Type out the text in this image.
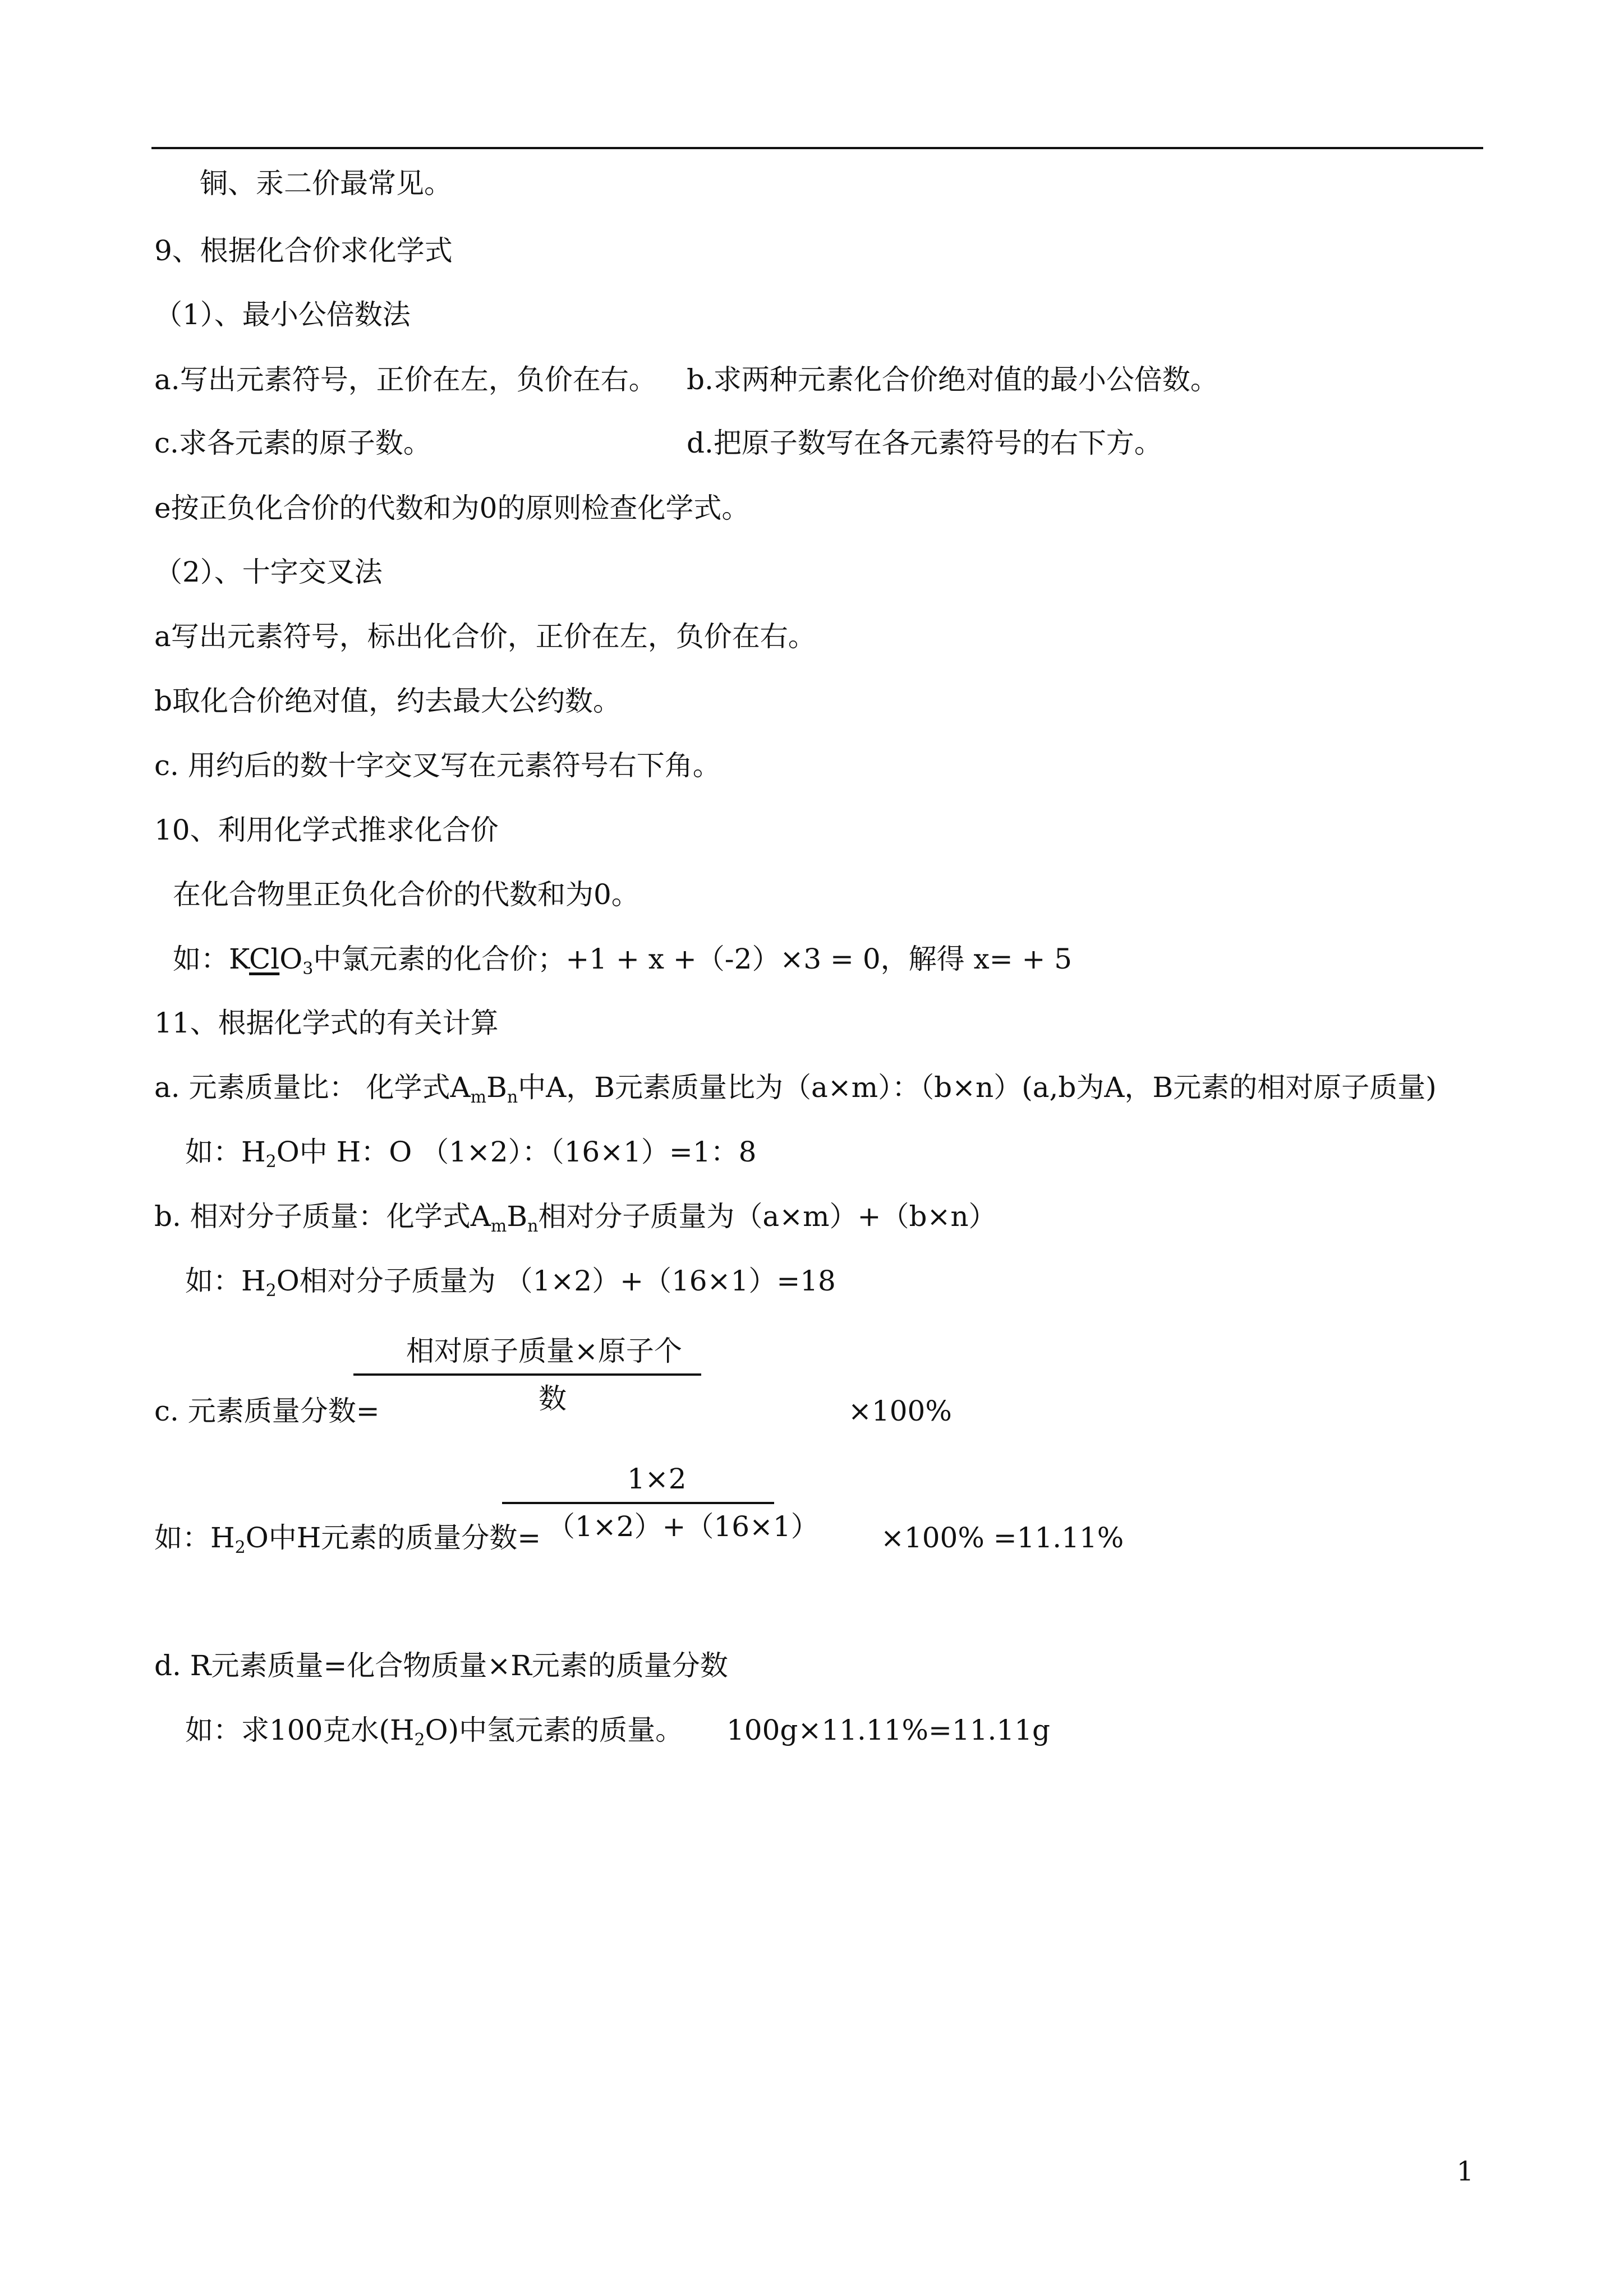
铜、汞二价最常见。
9、根据化合价求化学式
（1）、最小公倍数法
a.写出元素符号，正价在左，负价在右。 b.求两种元素化合价绝对值的最小公倍数。
c.求各元素的原子数。	d.把原子数写在各元素符号的右下方。
e按正负化合价的代数和为0的原则检查化学式。
（2）、十字交叉法
a写出元素符号，标出化合价，正价在左，负价在右。
b取化合价绝对值，约去最大公约数。
c. 用约后的数十字交叉写在元素符号右下角。
10、利用化学式推求化合价
在化合物里正负化合价的代数和为0。
如：KClO$_3$中氯元素的化合价；+1 + x +（-2）×3 = 0，解得 x= + 5
11、根据化学式的有关计算
a. 元素质量比： 化学式$A_mB_n$中A，B元素质量比为（a×m）：（b×n）(a,b为A，B元素的相对原子质量)
如：$H_2O$中 H：O （1×2）：（16×1）=1：8
b. 相对分子质量：化学式$A_mB_n$相对分子质量为（a×m）+（b×n）
如：$H_2O$相对分子质量为 （1×2）+（16×1）=18
相对原子质量×原子个
数
c. 元素质量分数=	×100%
1×2
如：$H_2O$中H元素的质量分数= （1×2）+（16×1） ×100% =11.11%
d. R元素质量=化合物质量×R元素的质量分数
如：求100克水$(H_2O)$中氢元素的质量。 100g×11.11%=11.11g
1
